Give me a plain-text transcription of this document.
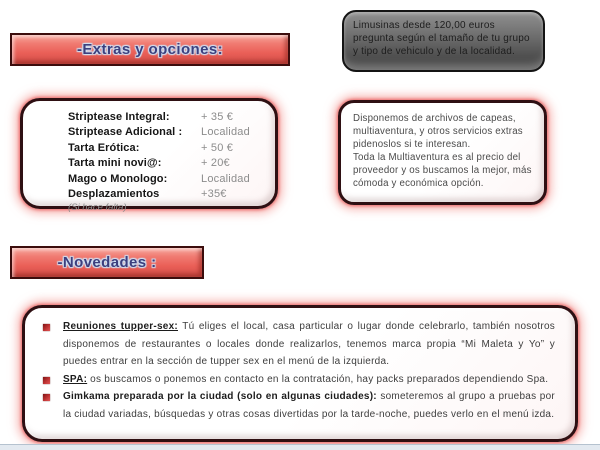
-Extras y opciones:

Limusinas desde 120,00 euros pregunta según el tamaño de tu grupo y tipo de vehiculo y de la localidad.

Striptease Integral:	+ 35 €
Striptease Adicional :	Localidad
Tarta Erótica:	+ 50 €
Tarta mini novi@:	+ 20€
Mago o Monologo:	Localidad
Desplazamientos	+35€
(Si hace falta)

Disponemos de archivos de capeas, multiaventura, y otros servicios extras pidenoslos si te interesan.

Toda la Multiaventura es al precio del proveedor y os buscamos la mejor, más cómoda y económica opción.

-Novedades :

Reuniones tupper-sex: Tú eliges el local, casa particular o lugar donde celebrarlo, también nosotros disponemos de restaurantes o locales donde realizarlos, tenemos marca propia “Mi Maleta y Yo” y puedes entrar en la sección de tupper sex en el menú de la izquierda.

SPA: os buscamos o ponemos en contacto en la contratación, hay packs preparados dependiendo Spa.

Gimkama preparada por la ciudad (solo en algunas ciudades): someteremos al grupo a pruebas por la ciudad variadas, búsquedas y otras cosas divertidas por la tarde-noche, puedes verlo en el menú izda.
